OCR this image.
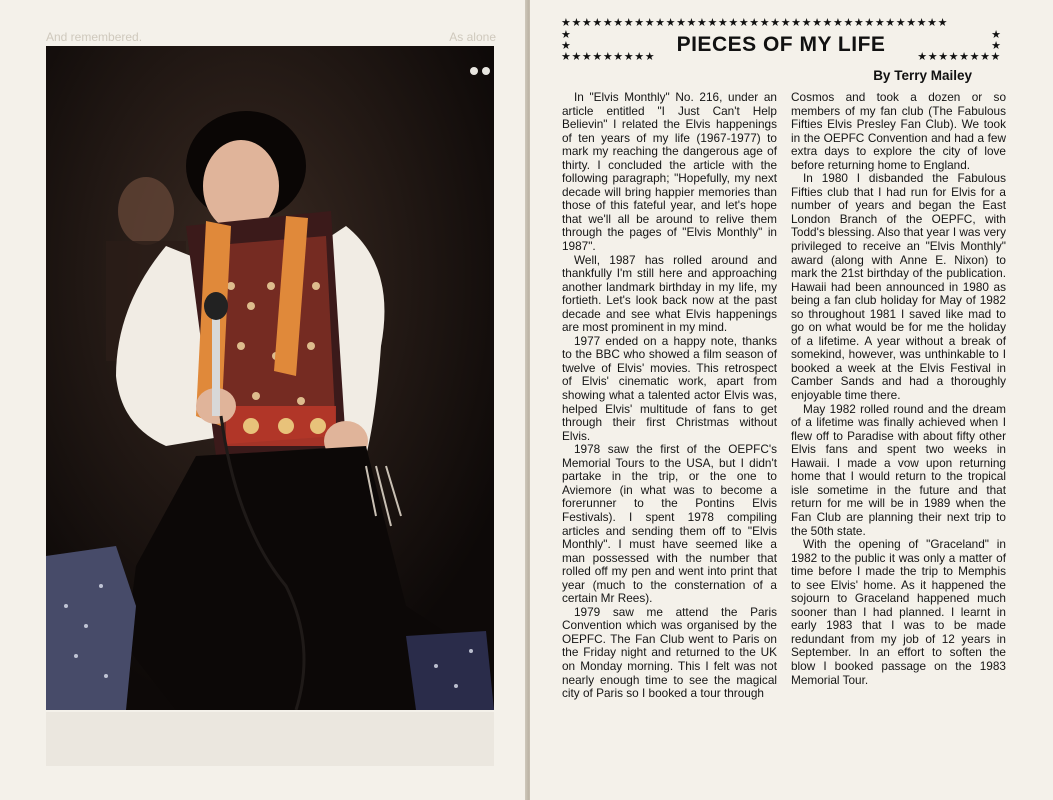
And remembered.	As alone
★★★★★★★★★★★★★★★★★★★★★★★★★★★★★★★★★★★★★
★
★
★
★
★★★★★★★★★	★★★★★★★★
PIECES OF MY LIFE
By Terry Mailey

In "Elvis Monthly" No. 216, under an article entitled "I Just Can't Help Believin" I related the Elvis happenings of ten years of my life (1967-1977) to mark my reaching the dangerous age of thirty. I concluded the article with the following paragraph; "Hopefully, my next decade will bring happier memories than those of this fateful year, and let's hope that we'll all be around to relive them through the pages of "Elvis Monthly" in 1987".

Well, 1987 has rolled around and thankfully I'm still here and approaching another landmark birthday in my life, my fortieth. Let's look back now at the past decade and see what Elvis happenings are most prominent in my mind.

1977 ended on a happy note, thanks to the BBC who showed a film season of twelve of Elvis' movies. This retrospect of Elvis' cinematic work, apart from showing what a talented actor Elvis was, helped Elvis' multitude of fans to get through their first Christmas without Elvis.

1978 saw the first of the OEPFC's Memorial Tours to the USA, but I didn't partake in the trip, or the one to Aviemore (in what was to become a forerunner to the Pontins Elvis Festivals). I spent 1978 compiling articles and sending them off to "Elvis Monthly". I must have seemed like a man possessed with the number that rolled off my pen and went into print that year (much to the consternation of a certain Mr Rees).

1979 saw me attend the Paris Convention which was organised by the OEPFC. The Fan Club went to Paris on the Friday night and returned to the UK on Monday morning. This I felt was not nearly enough time to see the magical city of Paris so I booked a tour through

Cosmos and took a dozen or so members of my fan club (The Fabulous Fifties Elvis Presley Fan Club). We took in the OEPFC Convention and had a few extra days to explore the city of love before returning home to England.

In 1980 I disbanded the Fabulous Fifties club that I had run for Elvis for a number of years and began the East London Branch of the OEPFC, with Todd's blessing. Also that year I was very privileged to receive an "Elvis Monthly" award (along with Anne E. Nixon) to mark the 21st birthday of the publication. Hawaii had been announced in 1980 as being a fan club holiday for May of 1982 so throughout 1981 I saved like mad to go on what would be for me the holiday of a lifetime. A year without a break of somekind, however, was unthinkable to I booked a week at the Elvis Festival in Camber Sands and had a thoroughly enjoyable time there.

May 1982 rolled round and the dream of a lifetime was finally achieved when I flew off to Paradise with about fifty other Elvis fans and spent two weeks in Hawaii. I made a vow upon returning home that I would return to the tropical isle sometime in the future and that return for me will be in 1989 when the Fan Club are planning their next trip to the 50th state.

With the opening of "Graceland" in 1982 to the public it was only a matter of time before I made the trip to Memphis to see Elvis' home. As it happened the sojourn to Graceland happened much sooner than I had planned. I learnt in early 1983 that I was to be made redundant from my job of 12 years in September. In an effort to soften the blow I booked passage on the 1983 Memorial Tour.
